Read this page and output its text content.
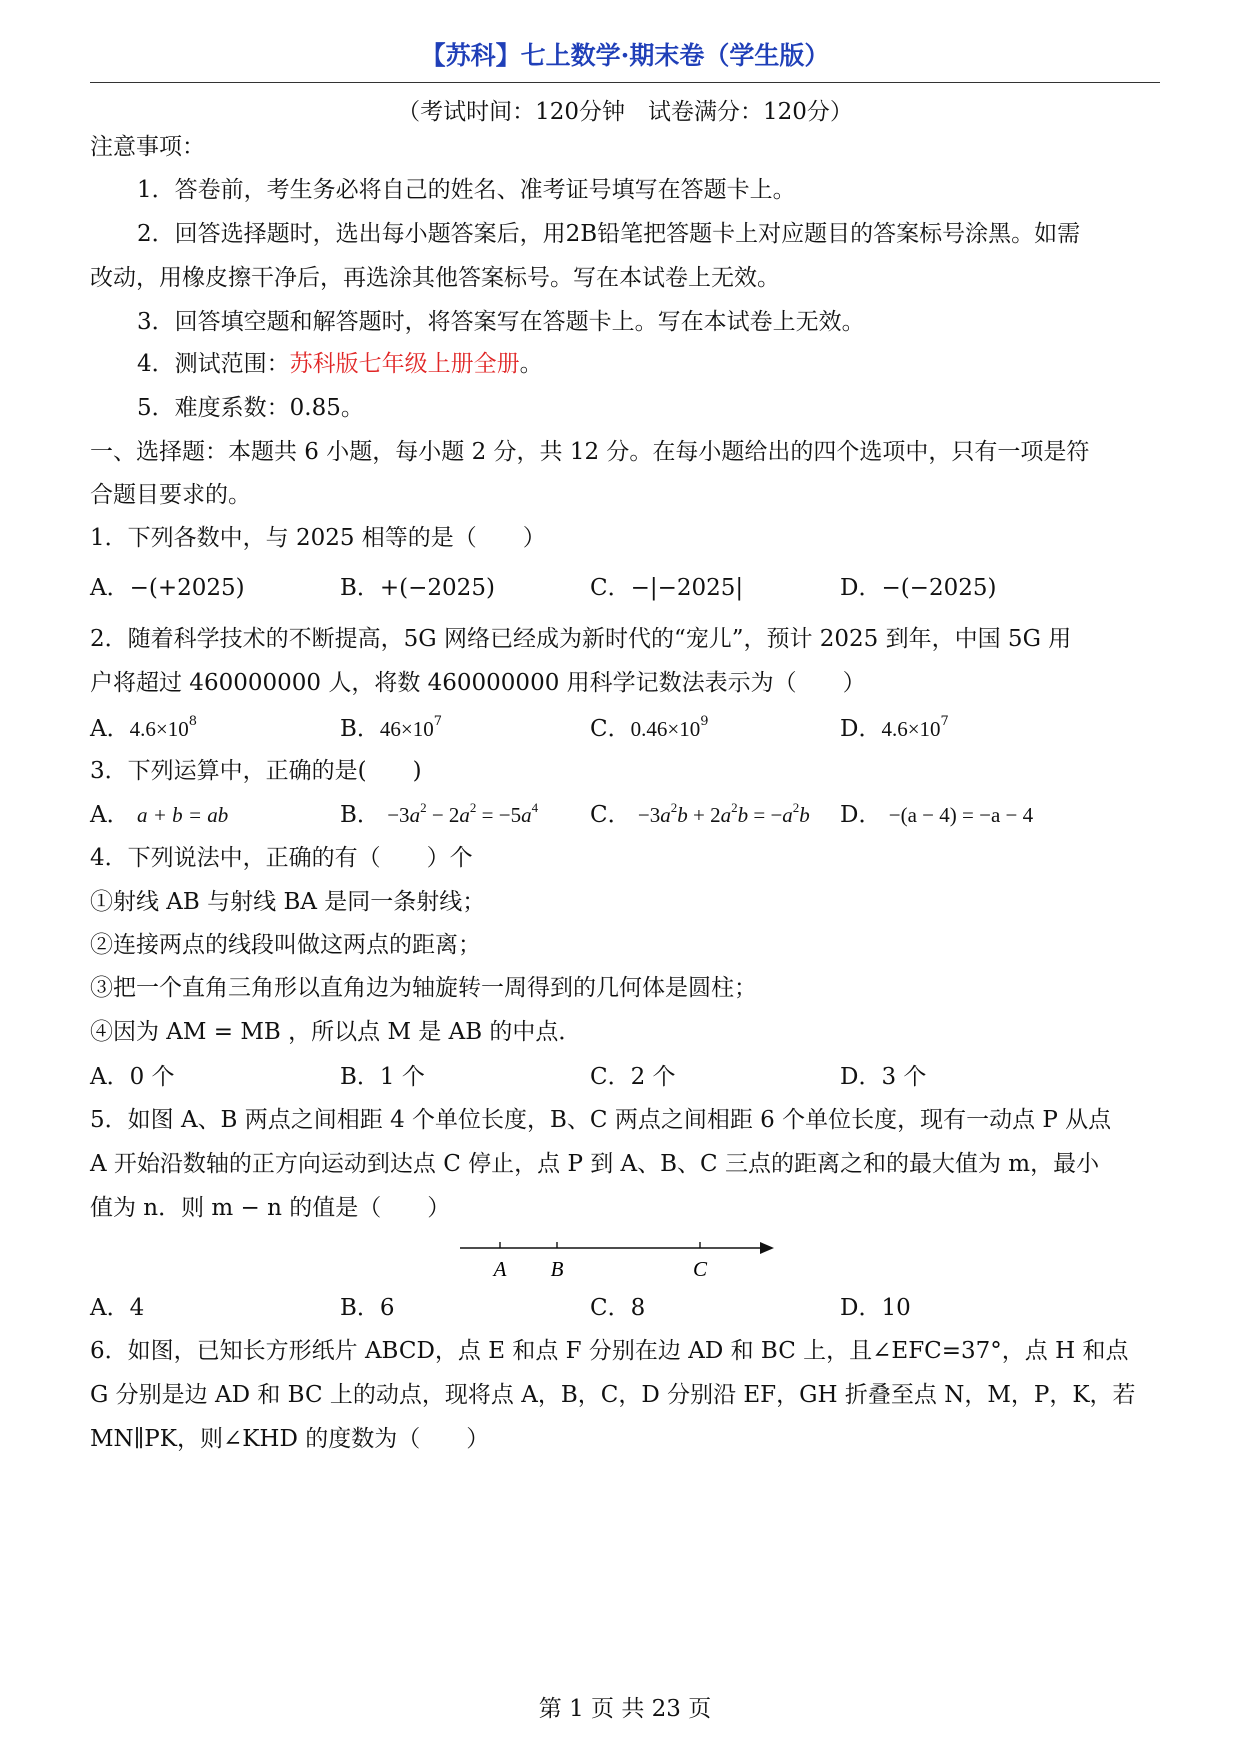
【苏科】七上数学·期末卷（学生版）
（考试时间：120分钟　试卷满分：120分）
注意事项：
1．答卷前，考生务必将自己的姓名、准考证号填写在答题卡上。
2．回答选择题时，选出每小题答案后，用2B铅笔把答题卡上对应题目的答案标号涂黑。如需
改动，用橡皮擦干净后，再选涂其他答案标号。写在本试卷上无效。
3．回答填空题和解答题时，将答案写在答题卡上。写在本试卷上无效。
4．测试范围：苏科版七年级上册全册。
5．难度系数：0.85。
一、选择题：本题共 6 小题，每小题 2 分，共 12 分。在每小题给出的四个选项中，只有一项是符
合题目要求的。
1．下列各数中，与 2025 相等的是（　　）
A．−(+2025)	B．+(−2025)	C．−|−2025|	D．−(−2025)
2．随着科学技术的不断提高，5G 网络已经成为新时代的“宠儿”，预计 2025 到年，中国 5G 用
户将超过 460000000 人，将数 460000000 用科学记数法表示为（　　）
A．$4.6\times 10^8$	B．$46\times 10^7$	C．$0.46\times 10^9$	D．$4.6\times 10^7$
3．下列运算中，正确的是(　　)
A． a + b = ab	B． $-3a^2 - 2a^2 = -5a^4$ C． $-3a^2b + 2a^2b = -a^2b$ D． −(a − 4) = −a − 4
4．下列说法中，正确的有（　　）个
①射线 AB 与射线 BA 是同一条射线；
②连接两点的线段叫做这两点的距离；
③把一个直角三角形以直角边为轴旋转一周得到的几何体是圆柱；
④因为 AM = MB ，所以点 M 是 AB 的中点．
A．0 个	B．1 个	C．2 个	D．3 个
5．如图 A、B 两点之间相距 4 个单位长度，B、C 两点之间相距 6 个单位长度，现有一动点 P 从点
A 开始沿数轴的正方向运动到达点 C 停止，点 P 到 A、B、C 三点的距离之和的最大值为 m，最小
值为 n．则 m − n 的值是（　　）
A B	C
A．4	B．6	C．8	D．10
6．如图，已知长方形纸片 ABCD，点 E 和点 F 分别在边 AD 和 BC 上，且∠EFC=37°，点 H 和点
G 分别是边 AD 和 BC 上的动点，现将点 A，B，C，D 分别沿 EF，GH 折叠至点 N，M，P，K，若
MN∥PK，则∠KHD 的度数为（　　）
第 1 页 共 23 页
